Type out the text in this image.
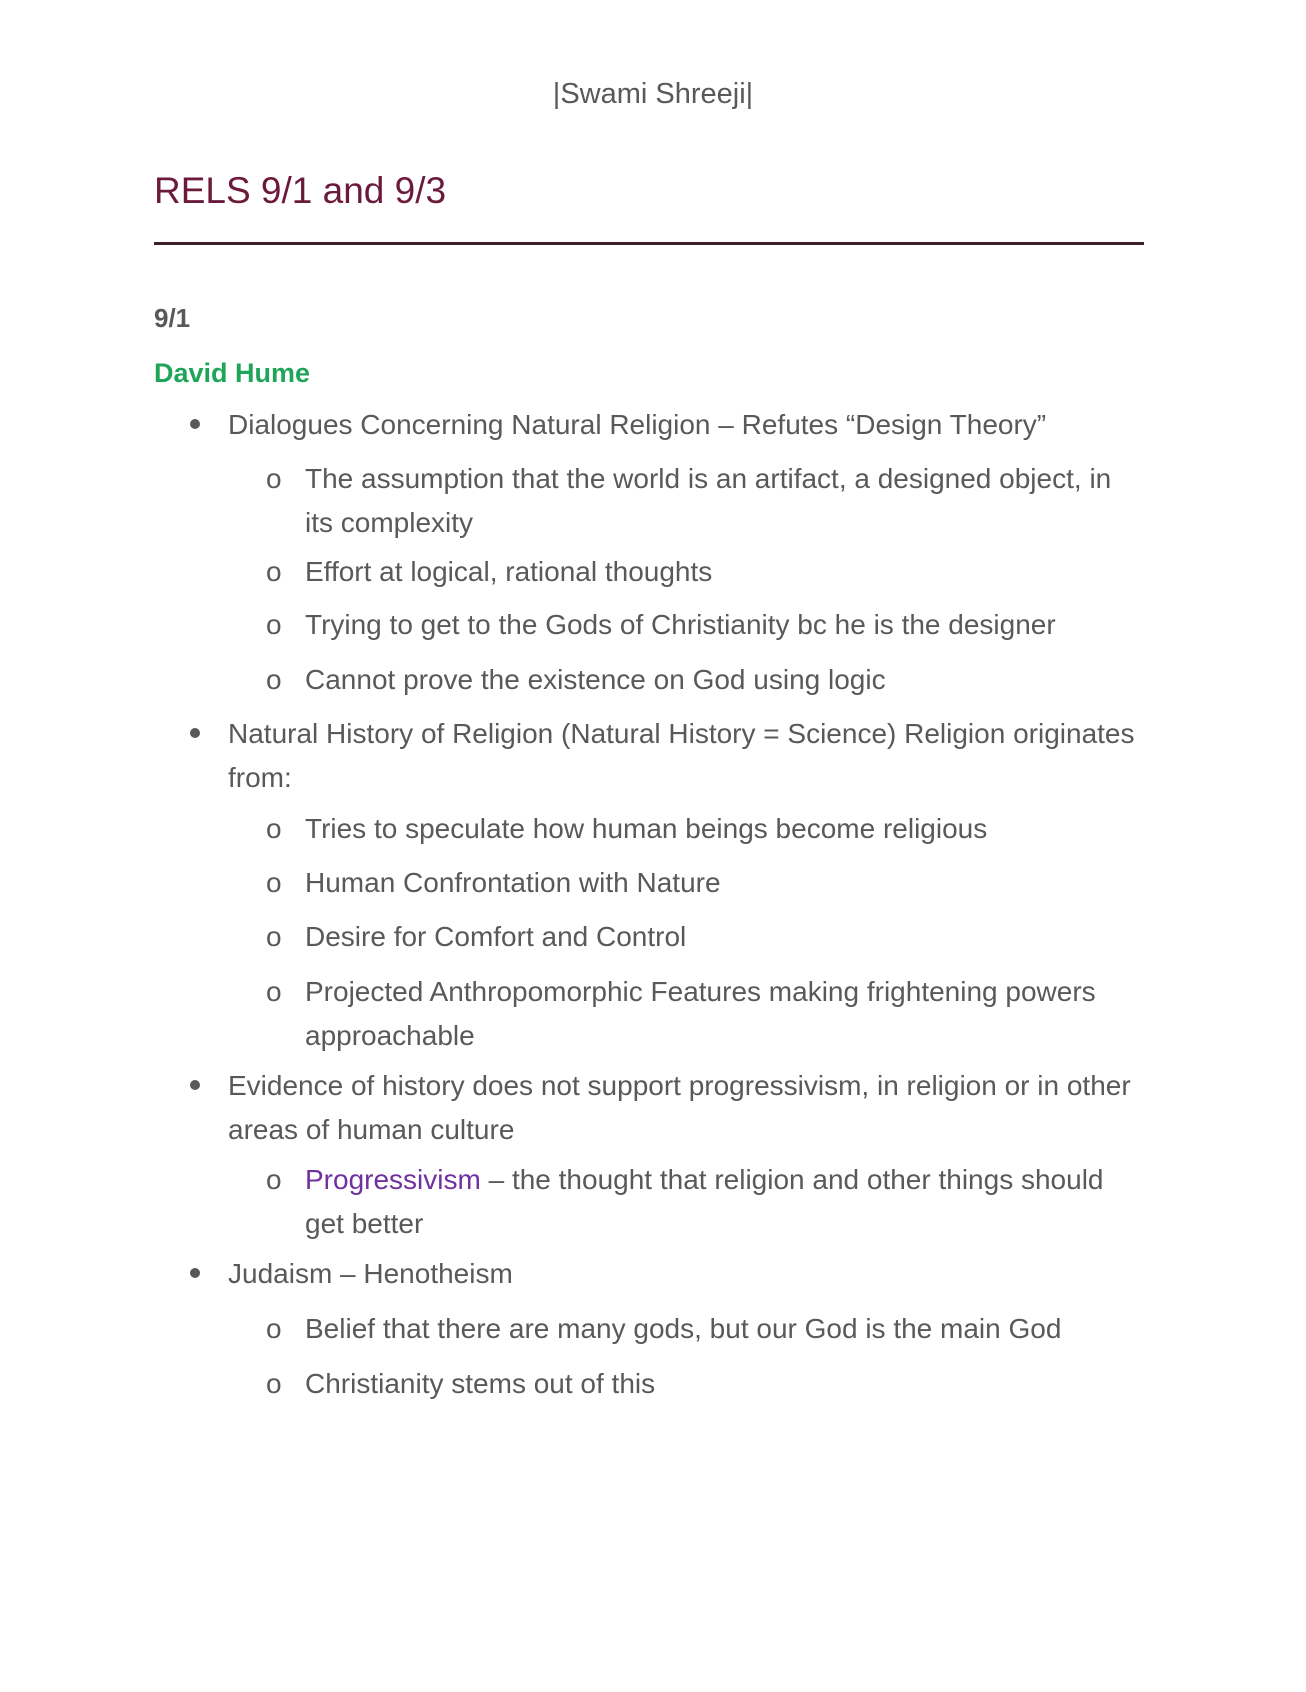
|Swami Shreeji|
RELS 9/1 and 9/3
9/1
David Hume
Dialogues Concerning Natural Religion – Refutes “Design Theory”
o The assumption that the world is an artifact, a designed object, in its complexity
o Effort at logical, rational thoughts
o Trying to get to the Gods of Christianity bc he is the designer
o Cannot prove the existence on God using logic
Natural History of Religion (Natural History = Science) Religion originates from:
o Tries to speculate how human beings become religious
o Human Confrontation with Nature
o Desire for Comfort and Control
o Projected Anthropomorphic Features making frightening powers approachable
Evidence of history does not support progressivism, in religion or in other areas of human culture
o Progressivism – the thought that religion and other things should get better
Judaism – Henotheism
o Belief that there are many gods, but our God is the main God
o Christianity stems out of this
